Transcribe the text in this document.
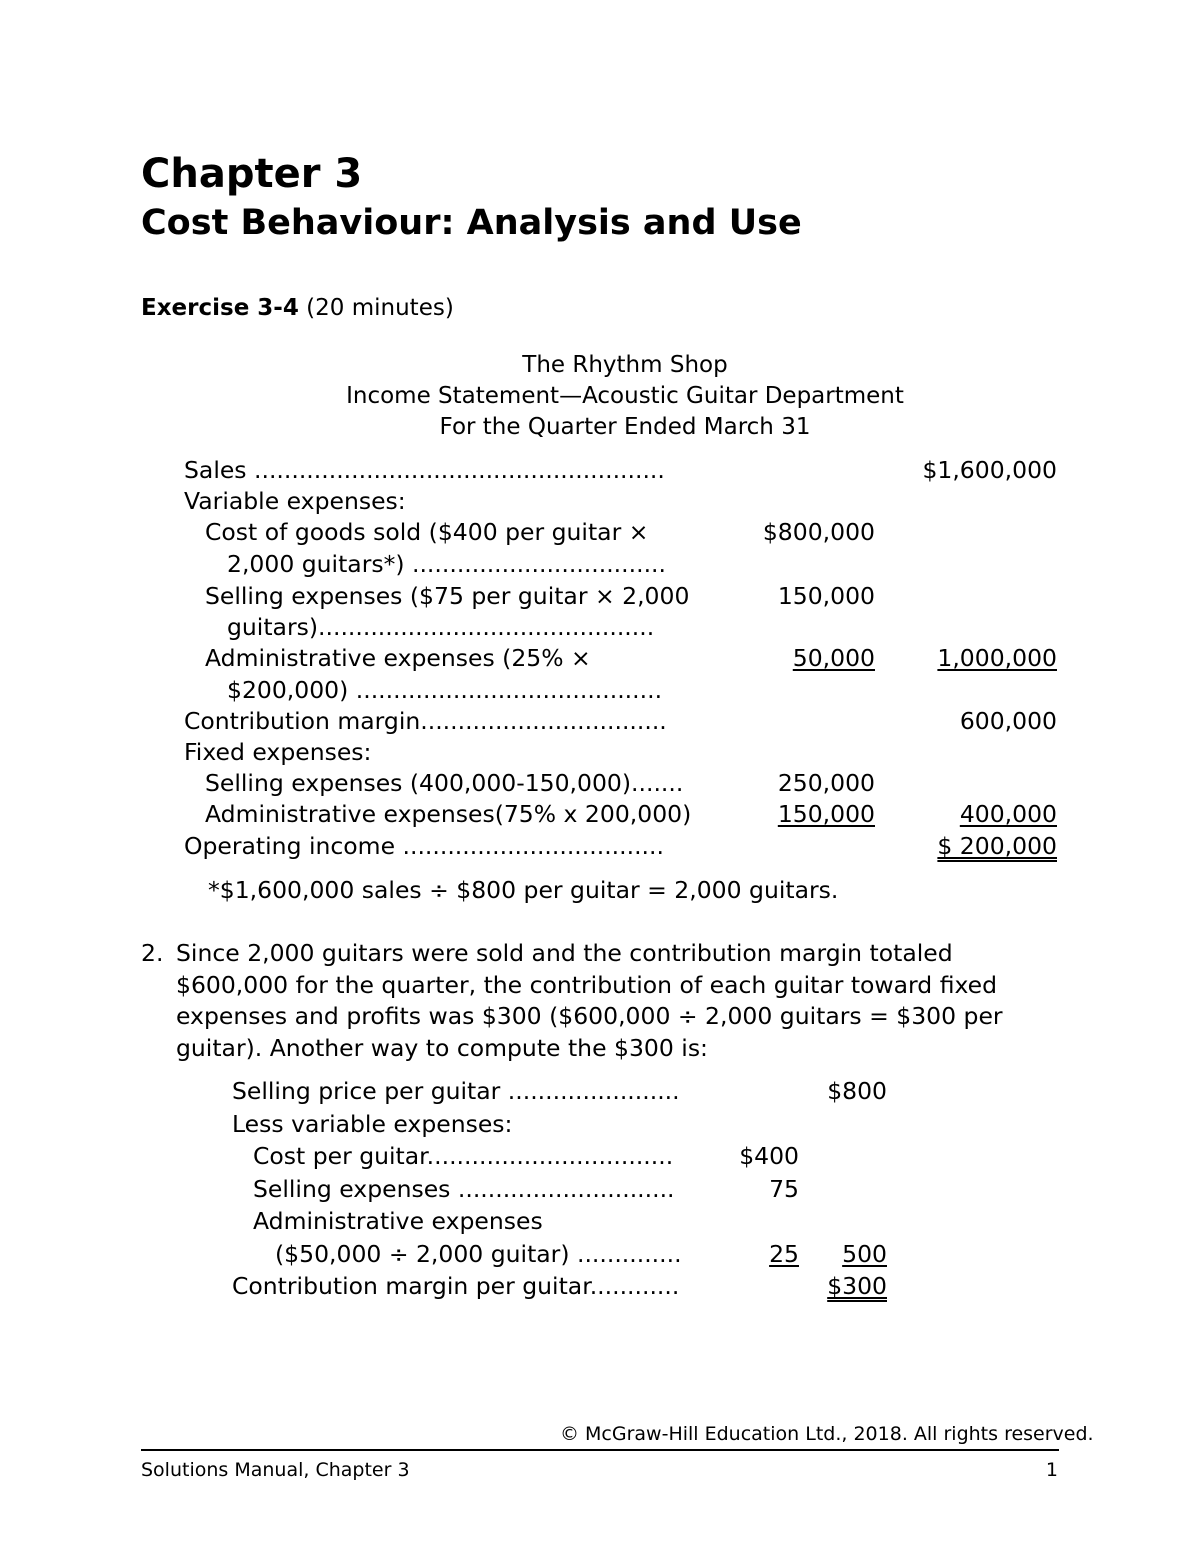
Chapter 3
Cost Behaviour: Analysis and Use
Exercise 3-4 (20 minutes)
The Rhythm Shop
Income Statement—Acoustic Guitar Department
For the Quarter Ended March 31
Sales .......................................................	$1,600,000
Variable expenses:
Cost of goods sold ($400 per guitar ×	$800,000
2,000 guitars*) ..................................
Selling expenses ($75 per guitar × 2,000	150,000
guitars).............................................
Administrative expenses (25% ×	50,000	1,000,000
$200,000) .........................................
Contribution margin.................................	600,000
Fixed expenses:
Selling expenses (400,000-150,000).......	250,000
Administrative expenses(75% x 200,000)	150,000	400,000
Operating income ...................................	$ 200,000
*$1,600,000 sales ÷ $800 per guitar = 2,000 guitars.
2. Since 2,000 guitars were sold and the contribution margin totaled $600,000 for the quarter, the contribution of each guitar toward fixed expenses and profits was $300 ($600,000 ÷ 2,000 guitars = $300 per guitar). Another way to compute the $300 is:
Selling price per guitar .......................	$800
Less variable expenses:
Cost per guitar.................................	$400
Selling expenses .............................	75
Administrative expenses
($50,000 ÷ 2,000 guitar) ..............	25	500
Contribution margin per guitar............	$300
© McGraw-Hill Education Ltd., 2018. All rights reserved.
Solutions Manual, Chapter 3	1
